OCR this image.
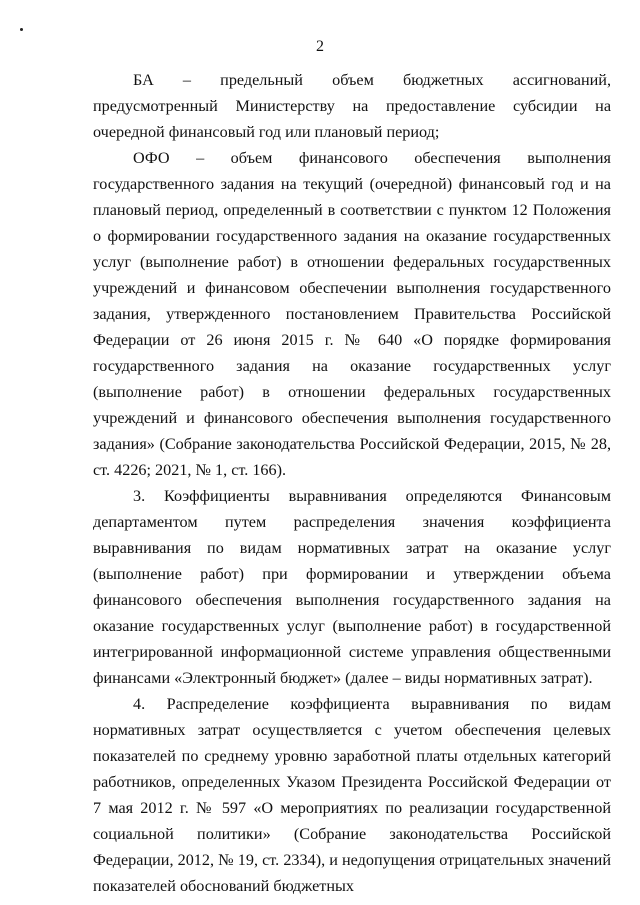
2

БА – предельный объем бюджетных ассигнований, предусмотренный Министерству на предоставление субсидии на очередной финансовый год или плановый период;

ОФО – объем финансового обеспечения выполнения государственного задания на текущий (очередной) финансовый год и на плановый период, определенный в соответствии с пунктом 12 Положения о формировании государственного задания на оказание государственных услуг (выполнение работ) в отношении федеральных государственных учреждений и финансовом обеспечении выполнения государственного задания, утвержденного постановлением Правительства Российской Федерации от 26 июня 2015 г. № 640 «О порядке формирования государственного задания на оказание государственных услуг (выполнение работ) в отношении федеральных государственных учреждений и финансового обеспечения выполнения государственного задания» (Собрание законодательства Российской Федерации, 2015, № 28, ст. 4226; 2021, № 1, ст. 166).

3. Коэффициенты выравнивания определяются Финансовым департаментом путем распределения значения коэффициента выравнивания по видам нормативных затрат на оказание услуг (выполнение работ) при формировании и утверждении объема финансового обеспечения выполнения государственного задания на оказание государственных услуг (выполнение работ) в государственной интегрированной информационной системе управления общественными финансами «Электронный бюджет» (далее – виды нормативных затрат).

4. Распределение коэффициента выравнивания по видам нормативных затрат осуществляется с учетом обеспечения целевых показателей по среднему уровню заработной платы отдельных категорий работников, определенных Указом Президента Российской Федерации от 7 мая 2012 г. № 597 «О мероприятиях по реализации государственной социальной политики» (Собрание законодательства Российской Федерации, 2012, № 19, ст. 2334), и недопущения отрицательных значений показателей обоснований бюджетных
